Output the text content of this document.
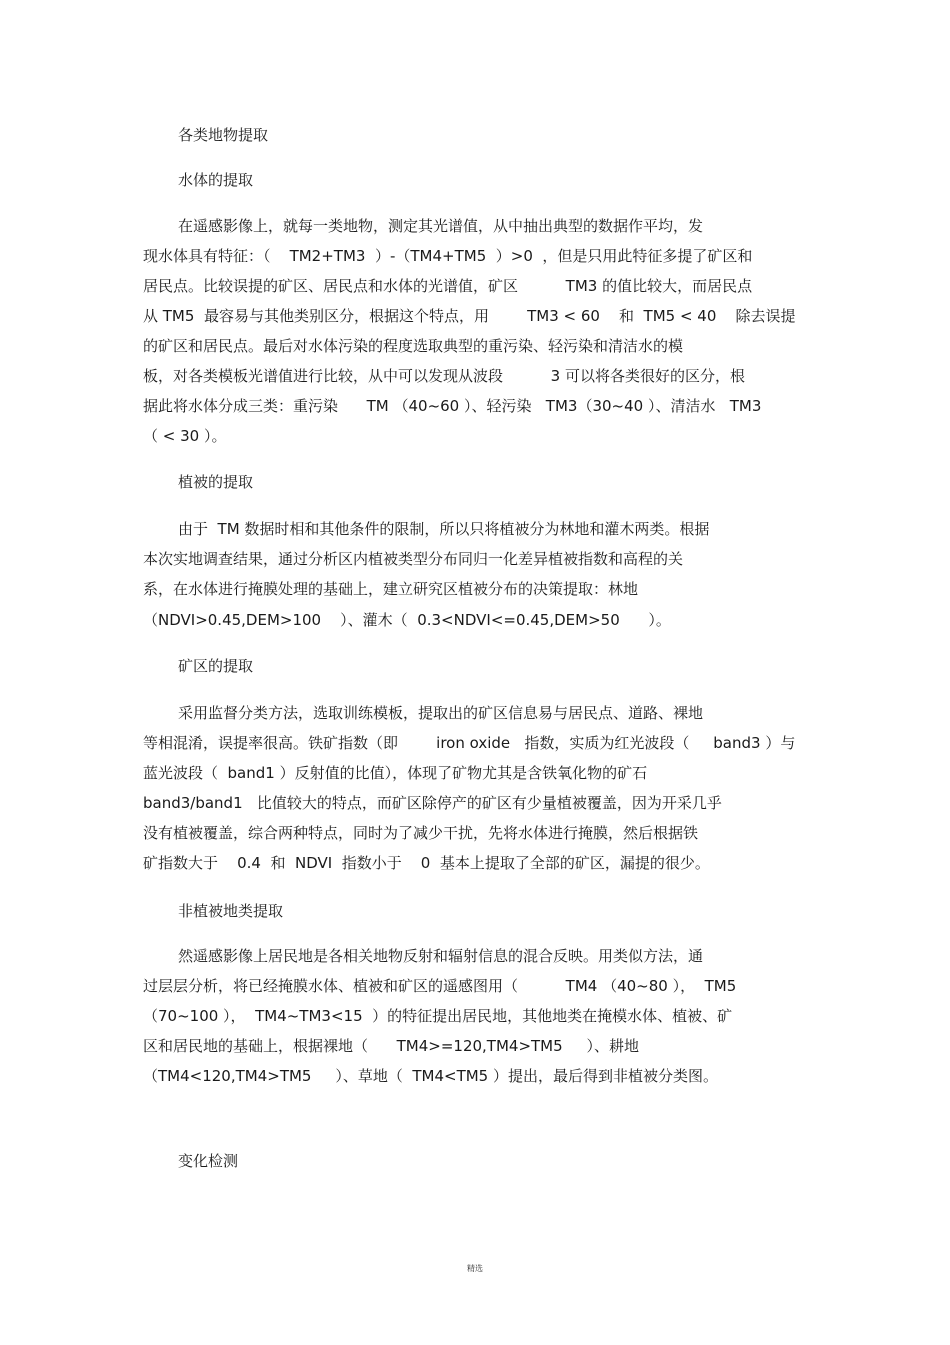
各类地物提取
水体的提取
在遥感影像上，就每一类地物，测定其光谱值，从中抽出典型的数据作平均，发
现水体具有特征：（    TM2+TM3  ）-（TM4+TM5  ）>0  ，但是只用此特征多提了矿区和
居民点。比较误提的矿区、居民点和水体的光谱值，矿区          TM3 的值比较大，而居民点
从 TM5  最容易与其他类别区分，根据这个特点，用        TM3 < 60    和  TM5 < 40    除去误提
的矿区和居民点。最后对水体污染的程度选取典型的重污染、轻污染和清洁水的模
板，对各类模板光谱值进行比较，从中可以发现从波段          3 可以将各类很好的区分，根
据此将水体分成三类：重污染      TM （40~60 ）、轻污染   TM3（30~40 ）、清洁水   TM3
（ < 30 ）。
植被的提取
由于  TM 数据时相和其他条件的限制，所以只将植被分为林地和灌木两类。根据
本次实地调查结果，通过分析区内植被类型分布同归一化差异植被指数和高程的关
系，在水体进行掩膜处理的基础上，建立研究区植被分布的决策提取：林地
（NDVI>0.45,DEM>100    ）、灌木（  0.3<NDVI<=0.45,DEM>50      ）。
矿区的提取
采用监督分类方法，选取训练模板，提取出的矿区信息易与居民点、道路、裸地
等相混淆，误提率很高。铁矿指数（即        iron oxide   指数，实质为红光波段（     band3 ）与
蓝光波段（  band1 ）反射值的比值），体现了矿物尤其是含铁氧化物的矿石
band3/band1   比值较大的特点，而矿区除停产的矿区有少量植被覆盖，因为开采几乎
没有植被覆盖，综合两种特点，同时为了减少干扰，先将水体进行掩膜，然后根据铁
矿指数大于    0.4  和  NDVI  指数小于    0  基本上提取了全部的矿区，漏提的很少。
非植被地类提取
然遥感影像上居民地是各相关地物反射和辐射信息的混合反映。用类似方法，通
过层层分析，将已经掩膜水体、植被和矿区的遥感图用（          TM4 （40~80 ），  TM5
（70~100 ），  TM4~TM3<15  ）的特征提出居民地，其他地类在掩模水体、植被、矿
区和居民地的基础上，根据裸地（      TM4>=120,TM4>TM5     ）、耕地
（TM4<120,TM4>TM5     ）、草地（  TM4<TM5 ）提出，最后得到非植被分类图。
变化检测
精选
